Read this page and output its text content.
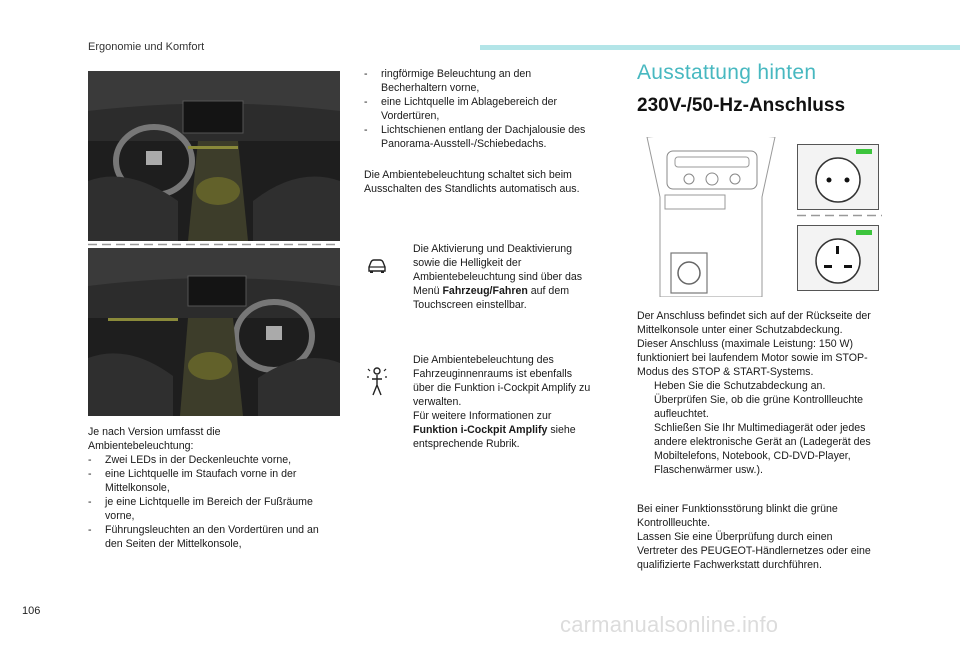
Ergonomie und Komfort

Je nach Version umfasst die

Ambientebeleuchtung:

- Zwei LEDs in der Deckenleuchte vorne,

- eine Lichtquelle im Staufach vorne in der

Mittelkonsole,

- je eine Lichtquelle im Bereich der Fußräume

vorne,

- Führungsleuchten an den Vordertüren und an

den Seiten der Mittelkonsole,

- ringförmige Beleuchtung an den

Becherhaltern vorne,

- eine Lichtquelle im Ablagebereich der

Vordertüren,

- Lichtschienen entlang der Dachjalousie des

Panorama-Ausstell-/Schiebedachs.

Die Ambientebeleuchtung schaltet sich beim

Ausschalten des Standlichts automatisch aus.

Die Aktivierung und Deaktivierung

sowie die Helligkeit der

Ambientebeleuchtung sind über das

Menü Fahrzeug/Fahren auf dem

Touchscreen einstellbar.

Die Ambientebeleuchtung des

Fahrzeuginnenraums ist ebenfalls

über die Funktion i-Cockpit Amplify zu

verwalten.

Für weitere Informationen zur

Funktion i-Cockpit Amplify siehe

entsprechende Rubrik.

Ausstattung hinten
230V-/50-Hz-Anschluss

Der Anschluss befindet sich auf der Rückseite der

Mittelkonsole unter einer Schutzabdeckung.

Dieser Anschluss (maximale Leistung: 150 W)

funktioniert bei laufendem Motor sowie im STOP-

Modus des STOP & START-Systems.

Heben Sie die Schutzabdeckung an.

Überprüfen Sie, ob die grüne Kontrollleuchte

aufleuchtet.

Schließen Sie Ihr Multimediagerät oder jedes

andere elektronische Gerät an (Ladegerät des

Mobiltelefons, Notebook, CD-DVD-Player,

Flaschenwärmer usw.).

Bei einer Funktionsstörung blinkt die grüne

Kontrollleuchte.

Lassen Sie eine Überprüfung durch einen

Vertreter des PEUGEOT-Händlernetzes oder eine

qualifizierte Fachwerkstatt durchführen.

106
carmanualsonline.info
